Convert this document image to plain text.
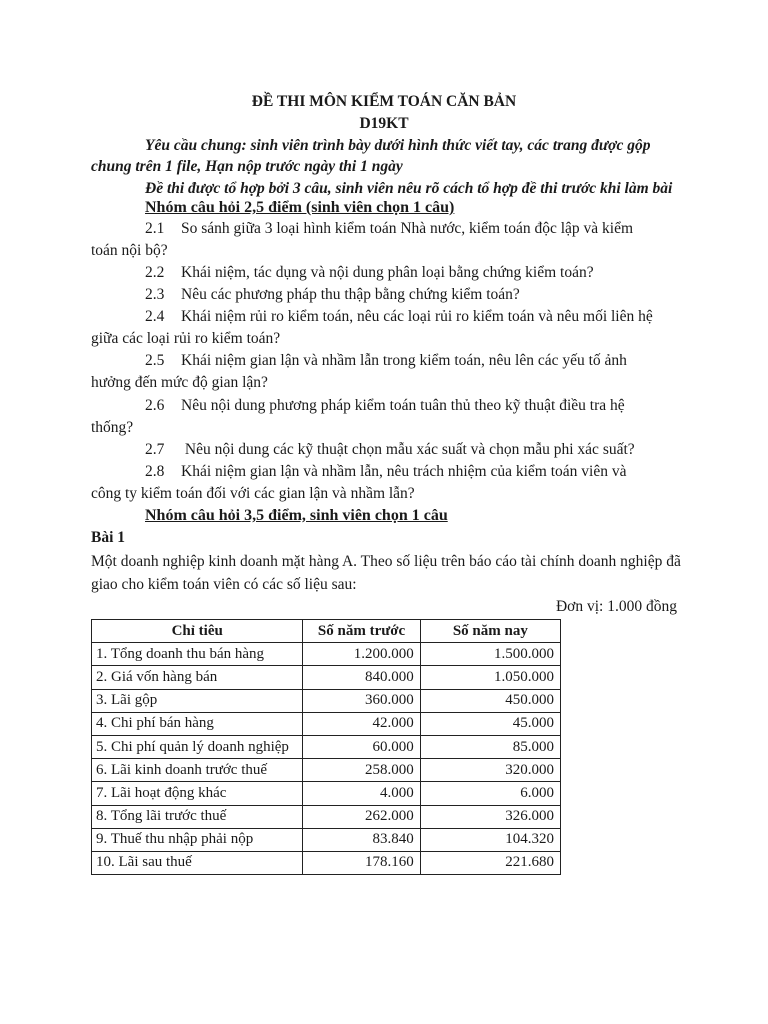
ĐỀ THI MÔN KIỂM TOÁN CĂN BẢN
D19KT
Yêu cầu chung: sinh viên trình bày dưới hình thức viết tay, các trang được gộp
chung trên 1 file, Hạn nộp trước ngày thi 1 ngày
Đề thi được tổ hợp bởi 3 câu, sinh viên nêu rõ cách tổ hợp đề thi trước khi làm bài
Nhóm câu hỏi 2,5 điểm (sinh viên chọn 1 câu)
2.1 So sánh giữa 3 loại hình kiểm toán Nhà nước, kiểm toán độc lập và kiểm
toán nội bộ?
2.2 Khái niệm, tác dụng và nội dung phân loại bằng chứng kiểm toán?
2.3 Nêu các phương pháp thu thập bằng chứng kiểm toán?
2.4 Khái niệm rủi ro kiểm toán, nêu các loại rủi ro kiểm toán và nêu mối liên hệ
giữa các loại rủi ro kiểm toán?
2.5 Khái niệm gian lận và nhầm lẫn trong kiểm toán, nêu lên các yếu tố ảnh
hưởng đến mức độ gian lận?
2.6 Nêu nội dung phương pháp kiểm toán tuân thủ theo kỹ thuật điều tra hệ
thống?
2.7 Nêu nội dung các kỹ thuật chọn mẫu xác suất và chọn mẫu phi xác suất?
2.8 Khái niệm gian lận và nhầm lẫn, nêu trách nhiệm của kiểm toán viên và
công ty kiểm toán đối với các gian lận và nhầm lẫn?
Nhóm câu hỏi 3,5 điểm, sinh viên chọn 1 câu
Bài 1
Một doanh nghiệp kinh doanh mặt hàng A. Theo số liệu trên báo cáo tài chính doanh nghiệp đã
giao cho kiểm toán viên có các số liệu sau:
Đơn vị: 1.000 đồng
Chỉ tiêu	Số năm trước	Số năm nay
1. Tổng doanh thu bán hàng	1.200.000	1.500.000
2. Giá vốn hàng bán	840.000	1.050.000
3. Lãi gộp	360.000	450.000
4. Chi phí bán hàng	42.000	45.000
5. Chi phí quản lý doanh nghiệp	60.000	85.000
6. Lãi kinh doanh trước thuế	258.000	320.000
7. Lãi hoạt động khác	4.000	6.000
8. Tổng lãi trước thuế	262.000	326.000
9. Thuế thu nhập phải nộp	83.840	104.320
10. Lãi sau thuế	178.160	221.680
